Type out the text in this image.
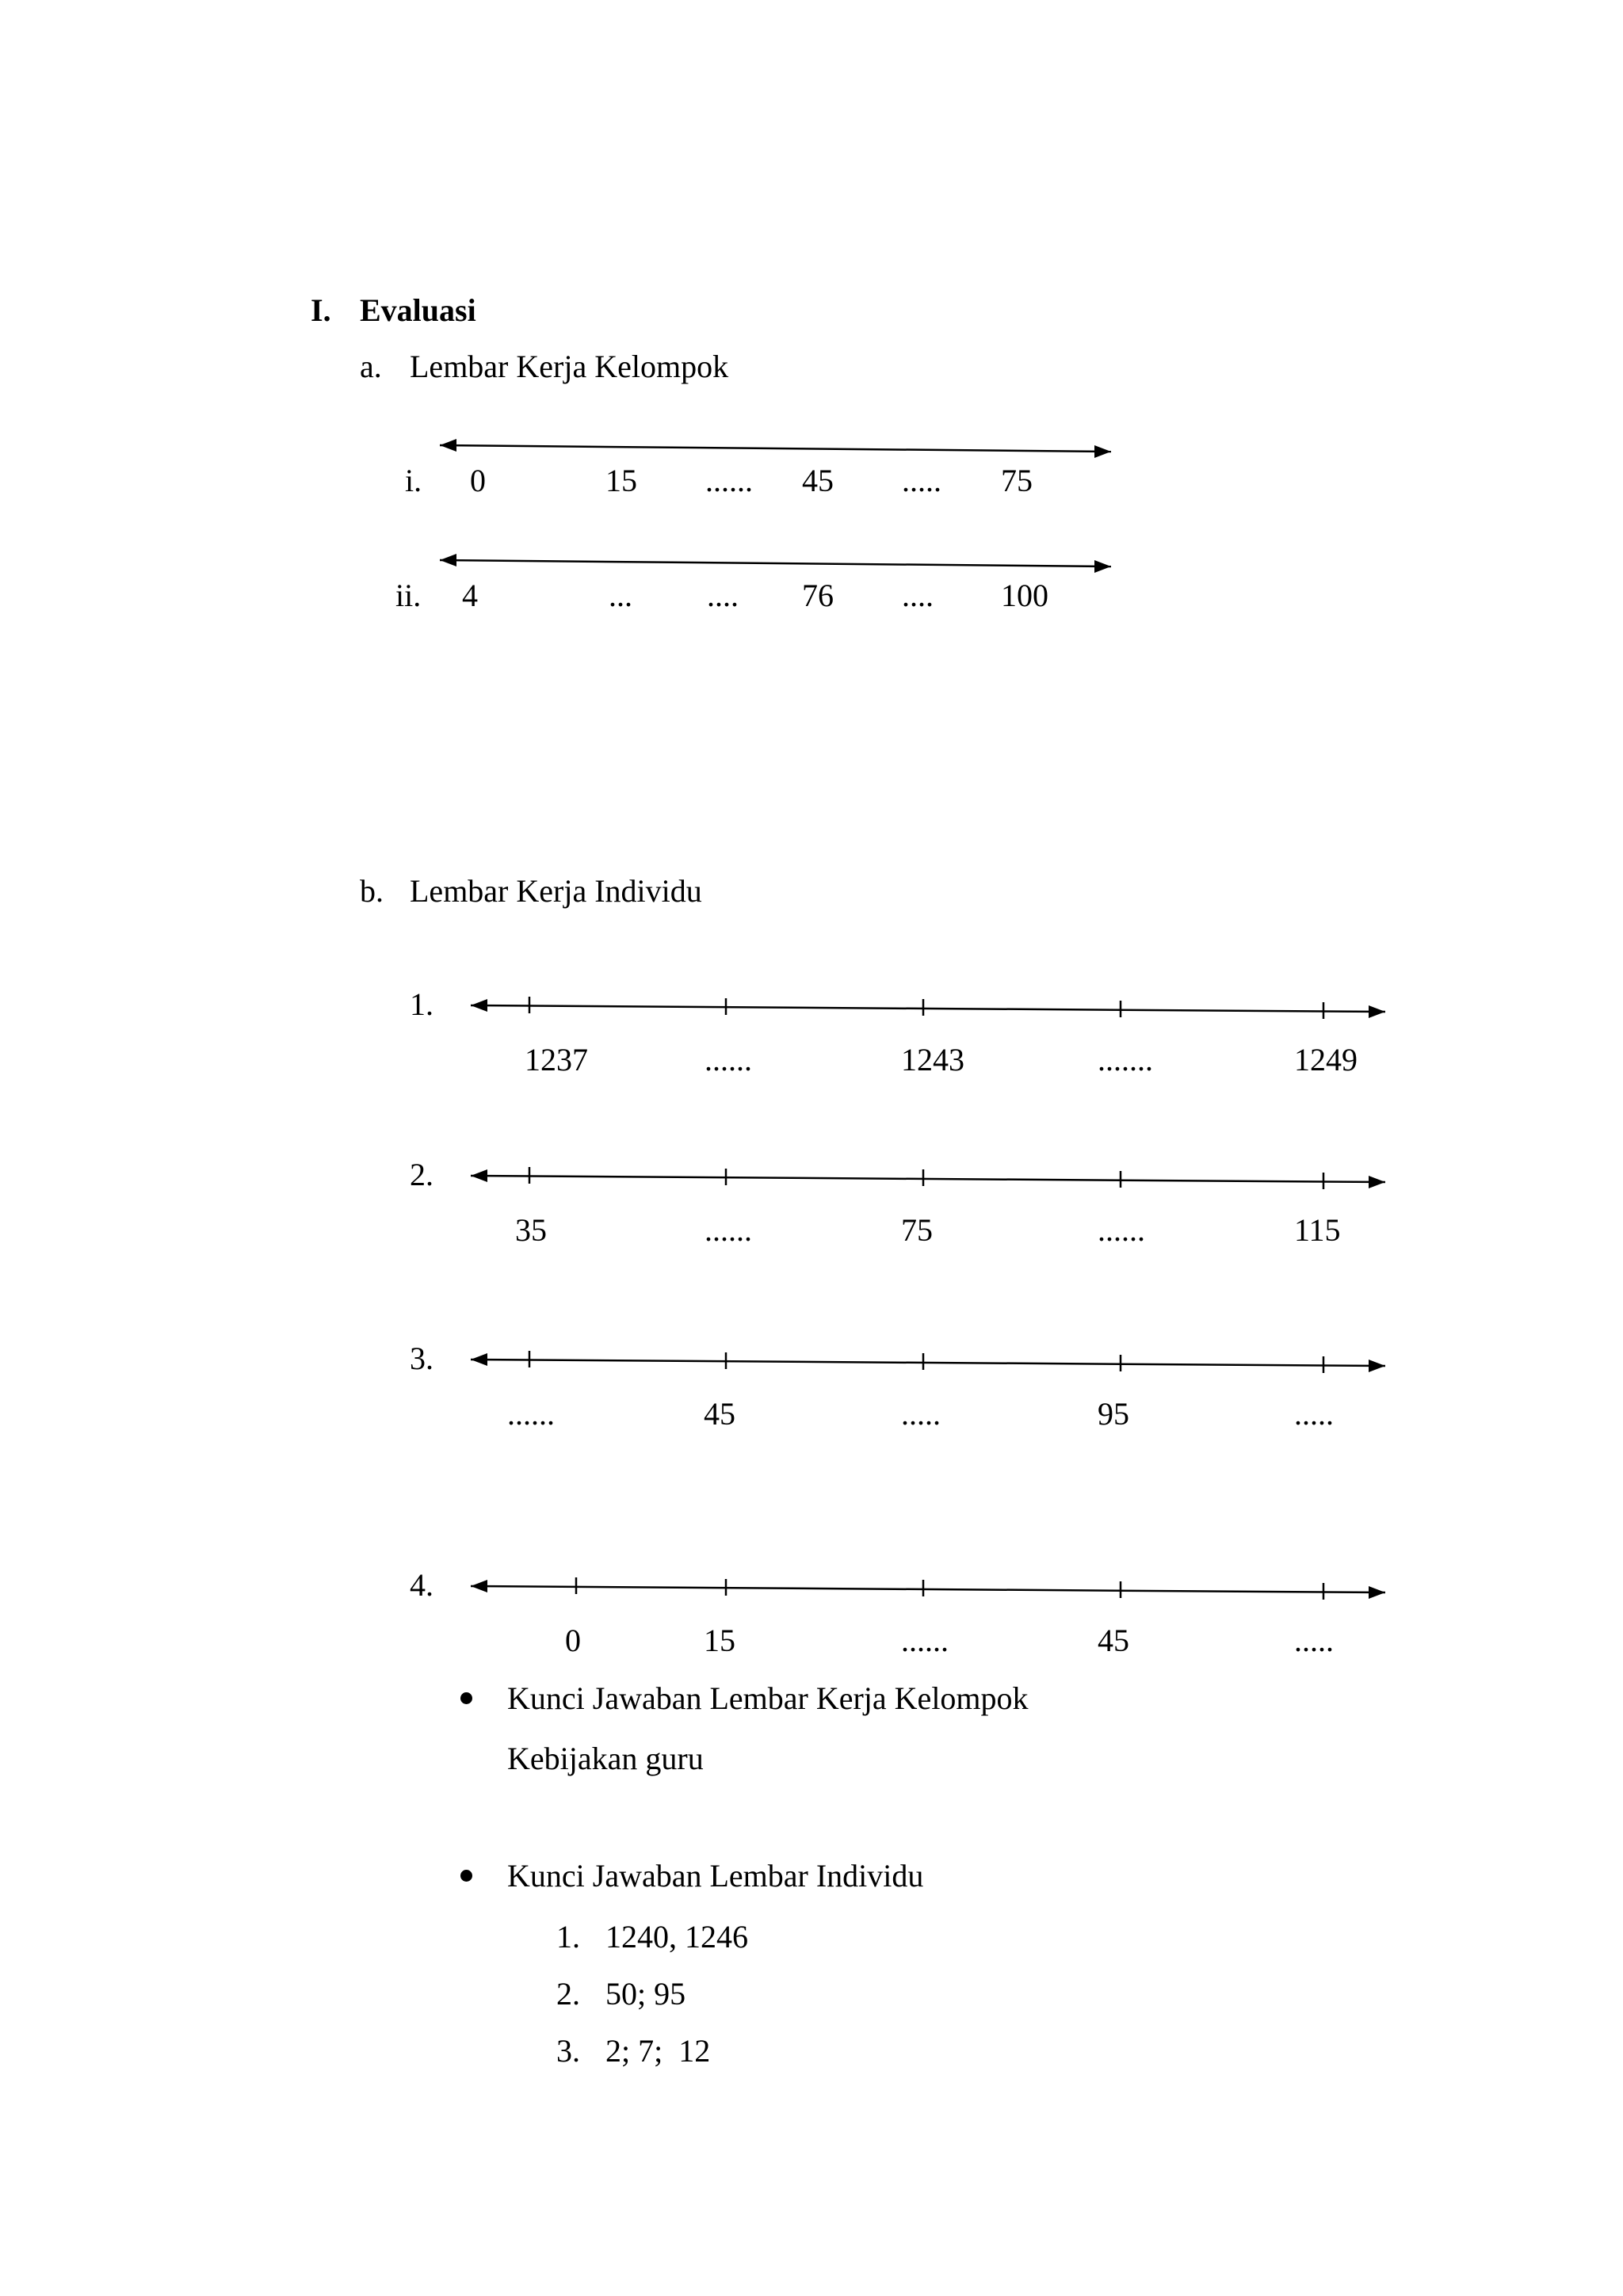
I. Evaluasi
a. Lembar Kerja Kelompok
i. 0	15 ...... 45 ..... 75
ii. 4	... .... 76 .... 100
b. Lembar Kerja Individu
1.
1237	......	1243	.......	1249
2.
35	......	75	......	115
3.
......	45	.....	95	.....
4.
0	15	......	45	.....
Kunci Jawaban Lembar Kerja Kelompok
Kebijakan guru
Kunci Jawaban Lembar Individu
1. 1240, 1246
2. 50; 95
3. 2; 7;  12
